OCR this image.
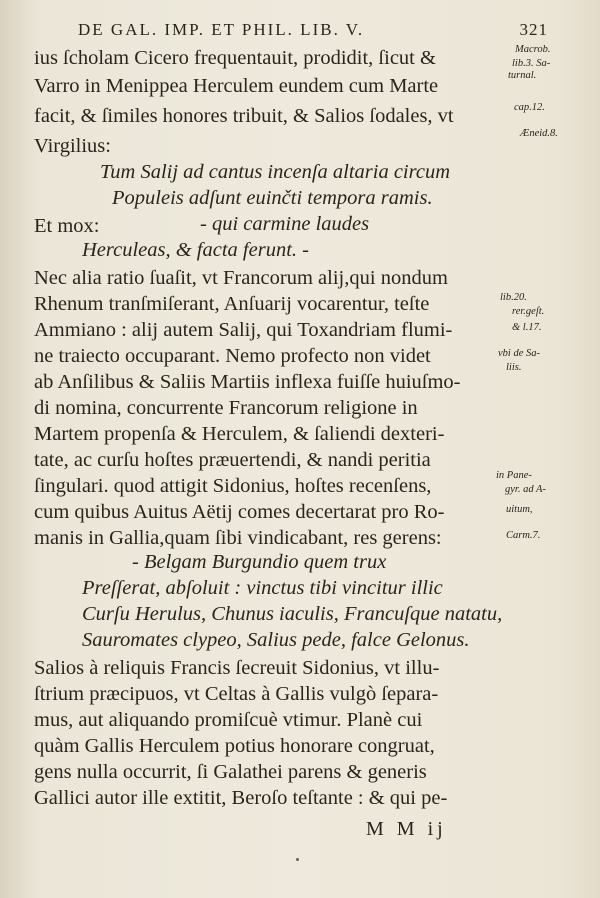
DE GAL. IMP. ET PHIL. LIB. V.	321
ius ſcholam Cicero frequentauit, prodidit, ſicut &
Varro in Menippea Herculem eundem cum Marte
facit, & ſimiles honores tribuit, & Salios ſodales, vt
Virgilius:
Tum Salij ad cantus incenſa altaria circum
Populeis adſunt euinčti tempora ramis.
Et mox:	- qui carmine laudes
Herculeas, & facta ferunt. -
Nec alia ratio ſuaſit, vt Francorum alij,qui nondum
Rhenum tranſmiſerant, Anſuarij vocarentur, teſte
Ammiano : alij autem Salij, qui Toxandriam flumi-
ne traiecto occuparant. Nemo profecto non videt
ab Anſilibus & Saliis Martiis inflexa fuiſſe huiuſmo-
di nomina, concurrente Francorum religione in
Martem propenſa & Herculem, & ſaliendi dexteri-
tate, ac curſu hoſtes præuertendi, & nandi peritia
ſingulari. quod attigit Sidonius, hoſtes recenſens,
cum quibus Auitus Aëtij comes decertarat pro Ro-
manis in Gallia,quam ſibi vindicabant, res gerens:
- Belgam Burgundio quem trux
Preſſerat, abſoluit : vinctus tibi vincitur illic
Curſu Herulus, Chunus iaculis, Francuſque natatu,
Sauromates clypeo, Salius pede, falce Gelonus.
Salios à reliquis Francis ſecreuit Sidonius, vt illu-
ſtrium præcipuos, vt Celtas à Gallis vulgò ſepara-
mus, aut aliquando promiſcuè vtimur. Planè cui
quàm Gallis Herculem potius honorare congruat,
gens nulla occurrit, ſi Galathei parens & generis
Gallici autor ille extitit, Beroſo teſtante : & qui pe-
Macrob.
lib.3. Sa-
turnal.
cap.12.
Æneid.8.
lib.20.
rer.geſt.
& l.17.
vbi de Sa-
liis.
in Pane-
gyr. ad A-
uitum,
Carm.7.
M M ij
